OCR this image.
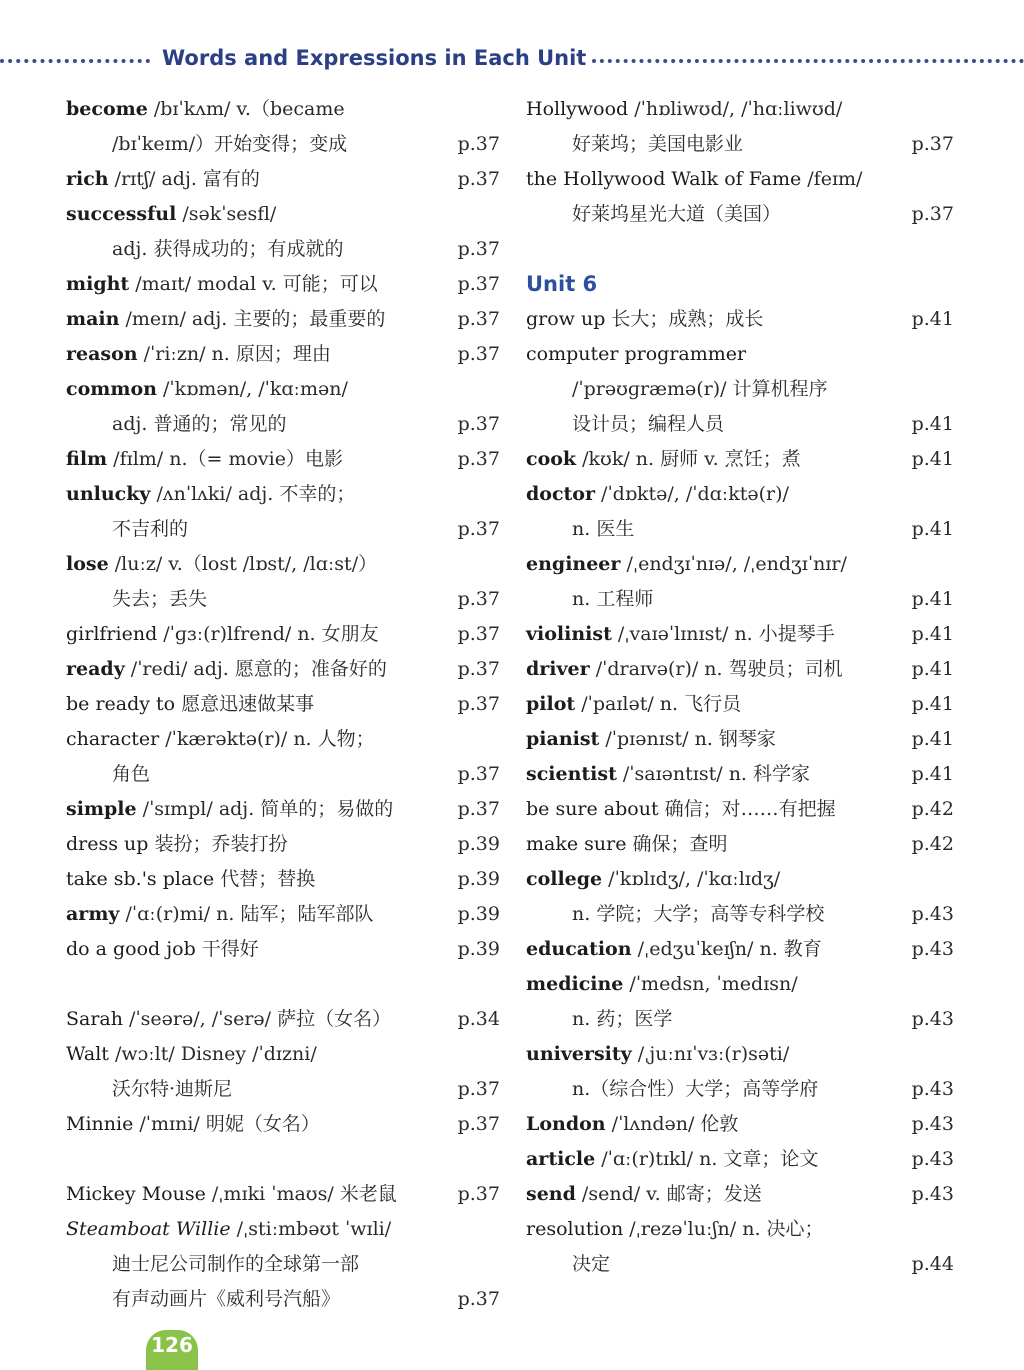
Words and Expressions in Each Unit
become /bɪˈkʌm/ v.（became
/bɪˈkeɪm/）开始变得；变成	p.37
rich /rɪtʃ/ adj. 富有的	p.37
successful /səkˈsesfl/
adj. 获得成功的；有成就的	p.37
might /maɪt/ modal v. 可能；可以	p.37
main /meɪn/ adj. 主要的；最重要的	p.37
reason /ˈriːzn/ n. 原因；理由	p.37
common /ˈkɒmən/, /ˈkɑːmən/
adj. 普通的；常见的	p.37
film /fɪlm/ n.（= movie）电影	p.37
unlucky /ʌnˈlʌki/ adj. 不幸的；
不吉利的	p.37
lose /luːz/ v.（lost /lɒst/, /lɑːst/）
失去；丢失	p.37
girlfriend /ˈɡɜː(r)lfrend/ n. 女朋友	p.37
ready /ˈredi/ adj. 愿意的；准备好的	p.37
be ready to 愿意迅速做某事	p.37
character /ˈkærəktə(r)/ n. 人物；
角色	p.37
simple /ˈsɪmpl/ adj. 简单的；易做的	p.37
dress up 装扮；乔装打扮	p.39
take sb.'s place 代替；替换	p.39
army /ˈɑː(r)mi/ n. 陆军；陆军部队	p.39
do a good job 干得好	p.39
Sarah /ˈseərə/, /ˈserə/ 萨拉（女名）	p.34
Walt /wɔːlt/ Disney /ˈdɪzni/
沃尔特·迪斯尼	p.37
Minnie /ˈmɪni/ 明妮（女名）	p.37
Mickey Mouse /ˌmɪki ˈmaʊs/ 米老鼠	p.37
Steamboat Willie /ˌstiːmbəʊt ˈwɪli/
迪士尼公司制作的全球第一部
有声动画片《威利号汽船》	p.37
Hollywood /ˈhɒliwʊd/, /ˈhɑːliwʊd/
好莱坞；美国电影业	p.37
the Hollywood Walk of Fame /feɪm/
好莱坞星光大道（美国）	p.37
Unit 6
grow up 长大；成熟；成长	p.41
computer programmer
/ˈprəʊɡræmə(r)/ 计算机程序
设计员；编程人员	p.41
cook /kʊk/ n. 厨师 v. 烹饪；煮	p.41
doctor /ˈdɒktə/, /ˈdɑːktə(r)/
n. 医生	p.41
engineer /ˌendʒɪˈnɪə/, /ˌendʒɪˈnɪr/
n. 工程师	p.41
violinist /ˌvaɪəˈlɪnɪst/ n. 小提琴手	p.41
driver /ˈdraɪvə(r)/ n. 驾驶员；司机	p.41
pilot /ˈpaɪlət/ n. 飞行员	p.41
pianist /ˈpɪənɪst/ n. 钢琴家	p.41
scientist /ˈsaɪəntɪst/ n. 科学家	p.41
be sure about 确信；对……有把握	p.42
make sure 确保；查明	p.42
college /ˈkɒlɪdʒ/, /ˈkɑːlɪdʒ/
n. 学院；大学；高等专科学校	p.43
education /ˌedʒuˈkeɪʃn/ n. 教育	p.43
medicine /ˈmedsn, ˈmedɪsn/
n. 药；医学	p.43
university /ˌjuːnɪˈvɜː(r)səti/
n.（综合性）大学；高等学府	p.43
London /ˈlʌndən/ 伦敦	p.43
article /ˈɑː(r)tɪkl/ n. 文章；论文	p.43
send /send/ v. 邮寄；发送	p.43
resolution /ˌrezəˈluːʃn/ n. 决心；
决定	p.44
126
